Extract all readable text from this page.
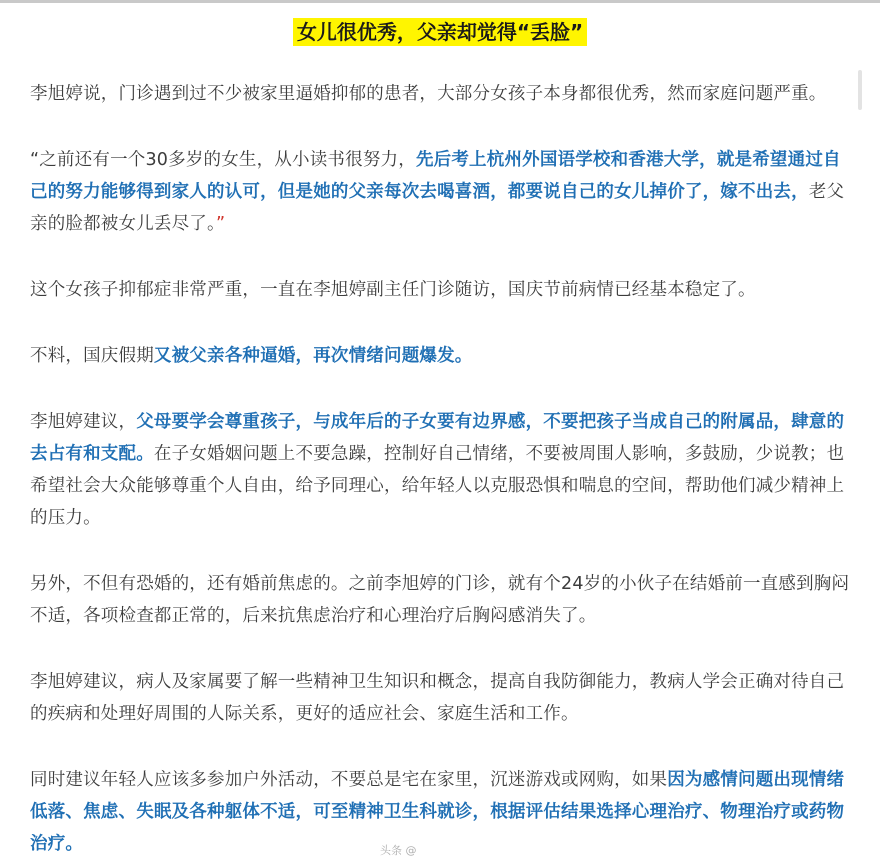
女儿很优秀，父亲却觉得“丢脸”

李旭婷说，门诊遇到过不少被家里逼婚抑郁的患者，大部分女孩子本身都很优秀，然而家庭问题严重。

“之前还有一个30多岁的女生，从小读书很努力，先后考上杭州外国语学校和香港大学，就是希望通过自己的努力能够得到家人的认可，但是她的父亲每次去喝喜酒，都要说自己的女儿掉价了，嫁不出去，老父亲的脸都被女儿丢尽了。”

这个女孩子抑郁症非常严重，一直在李旭婷副主任门诊随访，国庆节前病情已经基本稳定了。

不料，国庆假期又被父亲各种逼婚，再次情绪问题爆发。

李旭婷建议，父母要学会尊重孩子，与成年后的子女要有边界感，不要把孩子当成自己的附属品，肆意的去占有和支配。在子女婚姻问题上不要急躁，控制好自己情绪，不要被周围人影响，多鼓励，少说教；也希望社会大众能够尊重个人自由，给予同理心，给年轻人以克服恐惧和喘息的空间，帮助他们减少精神上的压力。

另外，不但有恐婚的，还有婚前焦虑的。之前李旭婷的门诊，就有个24岁的小伙子在结婚前一直感到胸闷不适，各项检查都正常的，后来抗焦虑治疗和心理治疗后胸闷感消失了。

李旭婷建议，病人及家属要了解一些精神卫生知识和概念，提高自我防御能力，教病人学会正确对待自己的疾病和处理好周围的人际关系，更好的适应社会、家庭生活和工作。

同时建议年轻人应该多参加户外活动，不要总是宅在家里，沉迷游戏或网购，如果因为感情问题出现情绪低落、焦虑、失眠及各种躯体不适，可至精神卫生科就诊，根据评估结果选择心理治疗、物理治疗或药物治疗。	头条 @
